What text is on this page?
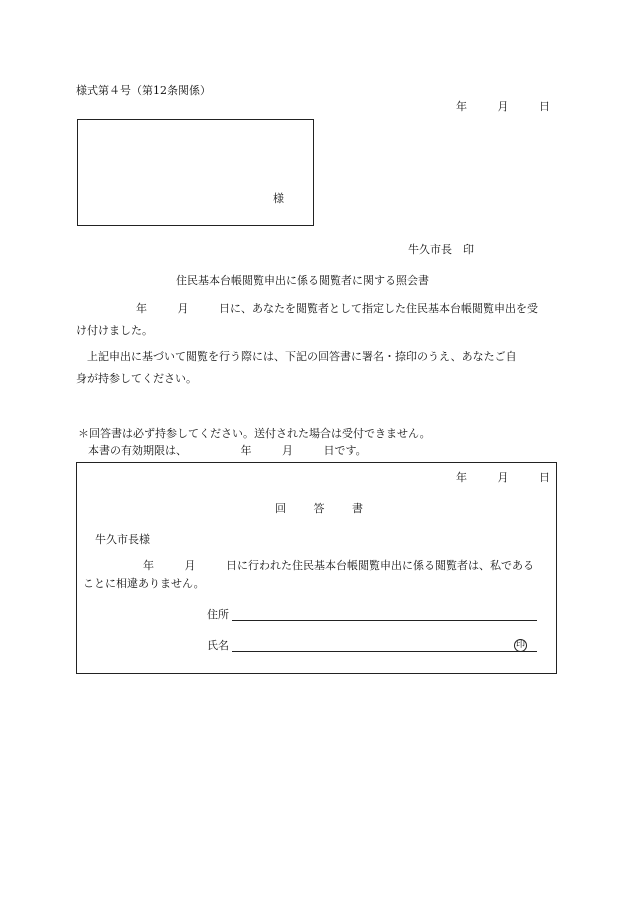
様式第４号（第12条関係）
年	月	日
様
牛久市長　印
住民基本台帳閲覧申出に係る閲覧者に関する照会書
年	月	日に、あなたを閲覧者として指定した住民基本台帳閲覧申出を受
け付けました。
上記申出に基づいて閲覧を行う際には、下記の回答書に署名・捺印のうえ、あなたご自
身が持参してください。
＊回答書は必ず持参してください。送付された場合は受付できません。
本書の有効期限は、	年	月	日です。
年	月	日
回	答	書
牛久市長様
年	月	日に行われた住民基本台帳閲覧申出に係る閲覧者は、私である
ことに相違ありません。
住所
氏名	印
